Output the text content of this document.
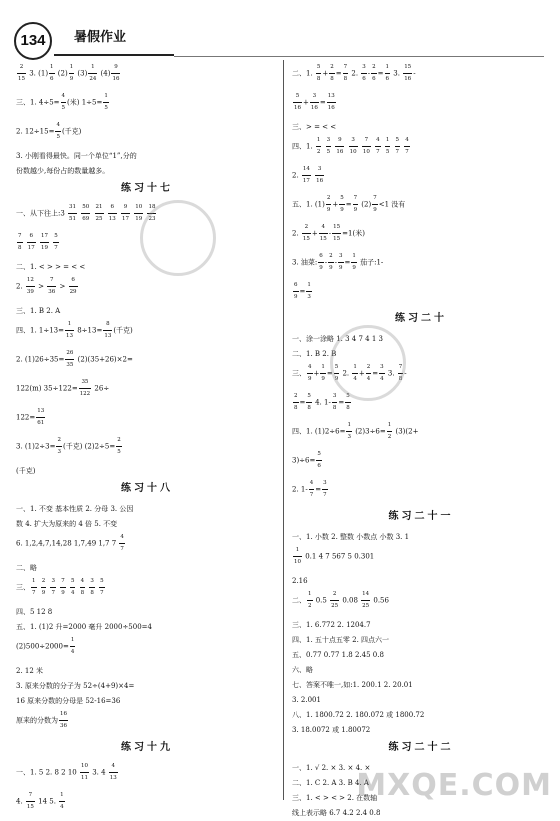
134	暑假作业
$\frac{2}{15} 3$. $(1) \frac{1}{6} (2) \frac{1}{9} (3) \frac{1}{24} (4) \frac{9}{16}$
三、1. $4\div 5= \frac{4}{5}$ (米) $1\div 5= \frac{1}{5}$
2. $12\div 15= \frac{4}{5}$ (千克)
3. 小刚看得最快。同一个单位“1”,分的
份数越少,每份占的数量越多。
练习十七
一、从下往上:3 $\frac{31}{51}$
$\frac{50}{69}$
$\frac{21}{25}$
$\frac{6}{13}$
$\frac{9}{17}$
$\frac{10}{19}$
$\frac{18}{23}$
$\frac{7}{8}$
$\frac{6}{17}$
$\frac{17}{19}$
$\frac{5}{7}$
二、1. < > > = < <
2. $\frac{12}{39} > \frac{7}{36} > \frac{6}{29}$
三、1. B 2. A
四、1. $1\div 13= \frac{1}{13} 8\div 13= \frac{8}{13}$ (千克)
2. $(1)26\div 35= \frac{26}{35} (2)(35+26)\times 2=$
122(m) $35\div 122= \frac{35}{122} 26\div$
$122= \frac{13}{61}$
3. $(1)2\div 3= \frac{2}{3}$ (千克) $(2)2\div 5= \frac{2}{5}$
(千克)
练习十八
一、1. 不变 基本性质 2. 分母 3. 公因
数 4. 扩大为原来的 4 倍 5. 不变
6. 1,2,4,7,14,28 1,7,49 1,7 $7 \frac{4}{7}$
二、略
三、 $\frac{1}{7}$
$\frac{2}{9}$
$\frac{3}{7}$
$\frac{7}{9}$
$\frac{5}{4}$
$\frac{4}{8}$
$\frac{3}{8}$
$\frac{5}{7}$
四、5 12 8
五、1. (1)2 升=2000 毫升 2000÷500=4
$(2)500\div 2000= \frac{1}{4}$
2. 12 米
3. 原来分数的分子为 52÷(4+9)×4=
16 原来分数的分母是 52-16=36
原来的分数为 $\frac{16}{36}$
练习十九
一、1. 5 2. 8 2 $10 \frac{10}{11} 3$. $4 \frac{4}{13}$
4. $\frac{7}{15} 14$ 5. $\frac{1}{4}$
二、1. $\frac{5}{8} + \frac{2}{8} = \frac{7}{8} 2$. $\frac{3}{6} - \frac{2}{6} = \frac{1}{6} 3$. $\frac{15}{16}$ -
$\frac{5}{16} + \frac{3}{16} = \frac{13}{16}$
三、> = < <
四、1. $\frac{1}{2}$
$\frac{3}{5}$
$\frac{9}{16}$
$\frac{3}{10}$
$\frac{7}{10}$
$\frac{4}{7}$
$\frac{1}{5}$
$\frac{5}{7}$
$\frac{4}{7}$
2. $\frac{14}{17}$
$\frac{3}{16}$
五、1. $(1) \frac{2}{9} + \frac{5}{9} = \frac{7}{9} (2) \frac{7}{9} <1$ 没有
2. $\frac{2}{15} + \frac{4}{15} - \frac{15}{15} =1$(米)
3. 油菜: $\frac{6}{9} - \frac{2}{9} - \frac{3}{9} = \frac{1}{9}$ 茄子:1-
$\frac{6}{9} = \frac{1}{3}$
练习二十
一、涂一涂略 1. 3 4 7 4 1 3
二、1. B 2. B
三、 $\frac{4}{9} + \frac{1}{9} = \frac{5}{9} 2$. $\frac{1}{4} + \frac{2}{4} = \frac{3}{4} 3$. $\frac{7}{8}$ -
$\frac{2}{8} = \frac{5}{8} 4$. $1- \frac{3}{8} = \frac{5}{8}$
四、1. $(1)2\div 6= \frac{1}{3} (2)3\div 6= \frac{1}{2} (3)(2+$
$3)\div 6= \frac{5}{6}$
2. $1- \frac{4}{7} = \frac{3}{7}$
练习二十一
一、1. 小数 2. 整数 小数点 小数 3. 1
$\frac{1}{10} 0.1$ 4 7 567 5 0.301
2.16
二、 $\frac{1}{2} 0.5 \frac{2}{25} 0.08 \frac{14}{25} 0.56$
三、1. 6.772 2. 1204.7
四、1. 五十点五零 2. 四点六一
五、0.77 0.77 1.8 2.45 0.8
六、略
七、答案不唯一,如:1. 200.1 2. 20.01
3. 2.001
八、1. 1800.72 2. 180.072 或 1800.72
3. 18.0072 或 1.80072
练习二十二
一、1. √ 2. × 3. × 4. ×
二、1. C 2. A 3. B 4. A
三、1. < > < > 2. 在数轴
线上表示略 6.7 4.2 2.4 0.8
MXQE.COM
